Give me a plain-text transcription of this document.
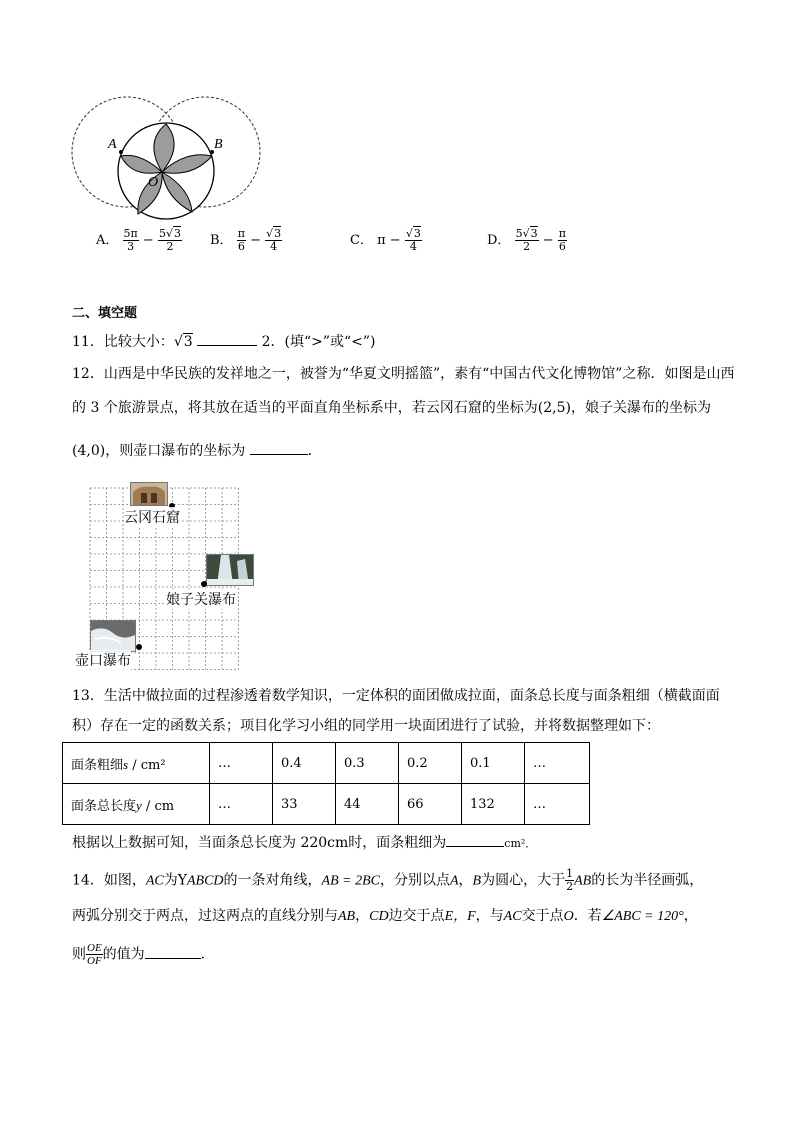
A	B
O
A． $\frac{5\pi}{3} - \frac{5√3}{2}$ B． $\frac{\pi}{6} - \frac{√3}{4}$	C． $\pi - \frac{√3}{4}$	D． $\frac{5√3}{2} - \frac{\pi}{6}$
二、填空题
11．比较大小：√3	2．(填“>”或“<”)
12．山西是中华民族的发祥地之一，被誉为“华夏文明摇篮”，素有“中国古代文化博物馆”之称．如图是山西
的 3 个旅游景点，将其放在适当的平面直角坐标系中，若云冈石窟的坐标为(2,5)，娘子关瀑布的坐标为
(4,0)，则壶口瀑布的坐标为	．
云冈石窟
娘子关瀑布
壶口瀑布
13．生活中做拉面的过程渗透着数学知识，一定体积的面团做成拉面，面条总长度与面条粗细（横截面面
积）存在一定的函数关系；项目化学习小组的同学用一块面团进行了试验，并将数据整理如下：
面条粗细s / cm²	…	0.4	0.3	0.2	0.1	…
面条总长度y / cm	…	33	44	66	132	…
根据以上数据可知，当面条总长度为 220cm时，面条粗细为	cm²．
14．如图，AC为YABCD的一条对角线，AB = 2BC，分别以点A，B为圆心，大于 $\frac{1}{2}$ AB的长为半径画弧，
两弧分别交于两点，过这两点的直线分别与AB，CD边交于点E，F，与AC交于点O．若∠ABC = 120°，
则 $\frac{OE}{OF}$ 的值为	．
